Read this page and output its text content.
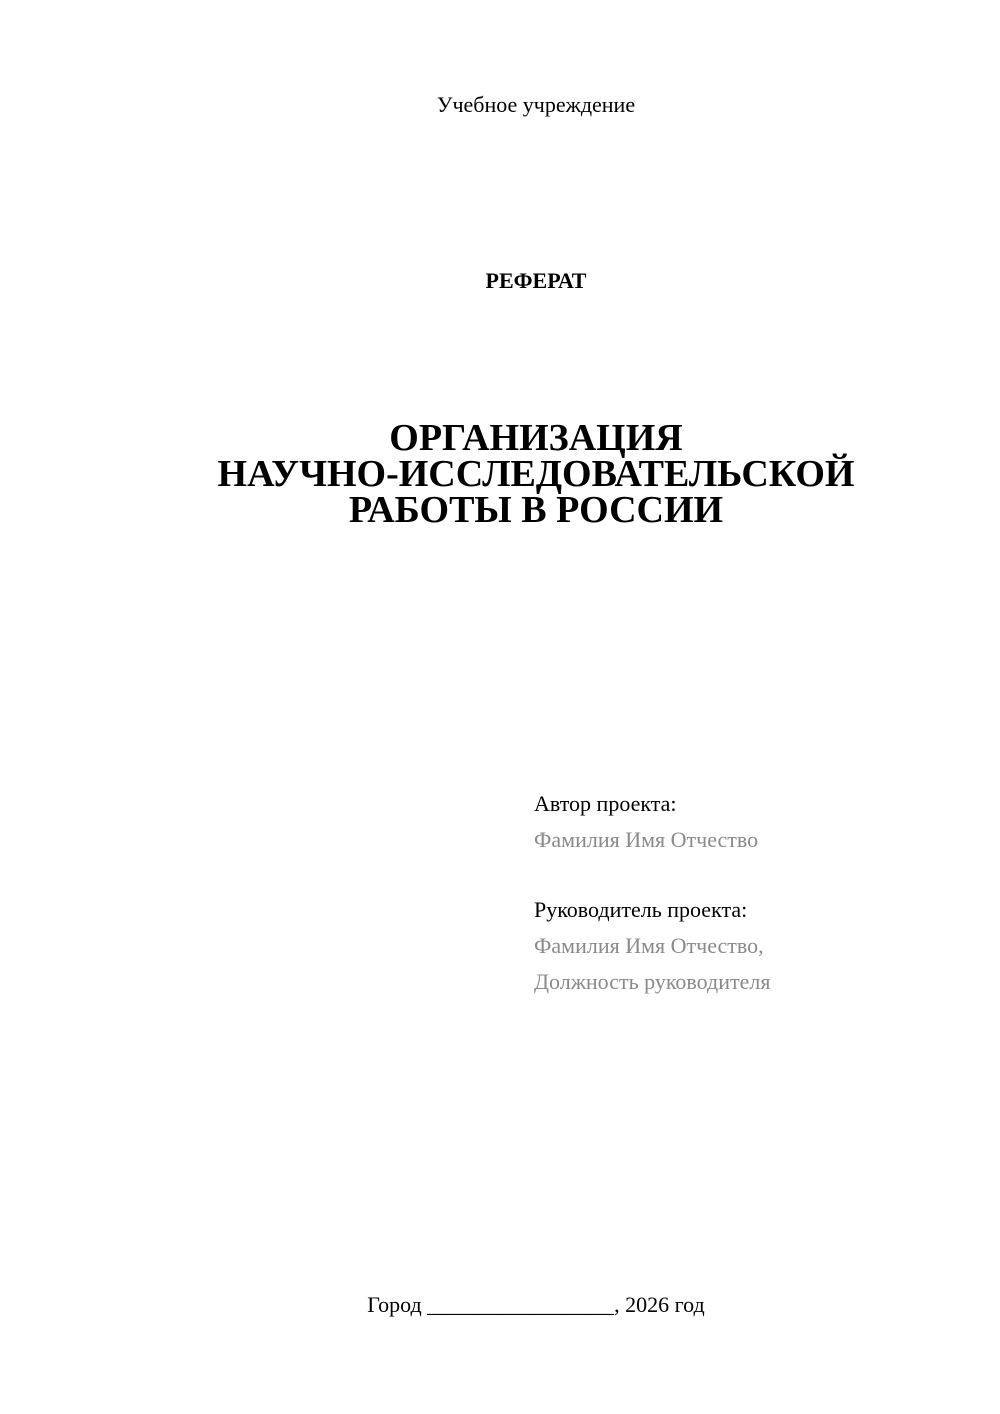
Учебное учреждение
РЕФЕРАТ
ОРГАНИЗАЦИЯ
НАУЧНО-ИССЛЕДОВАТЕЛЬСКОЙ
РАБОТЫ В РОССИИ
Автор проекта:
Фамилия Имя Отчество
Руководитель проекта:
Фамилия Имя Отчество,
Должность руководителя
Город _________________, 2026 год
